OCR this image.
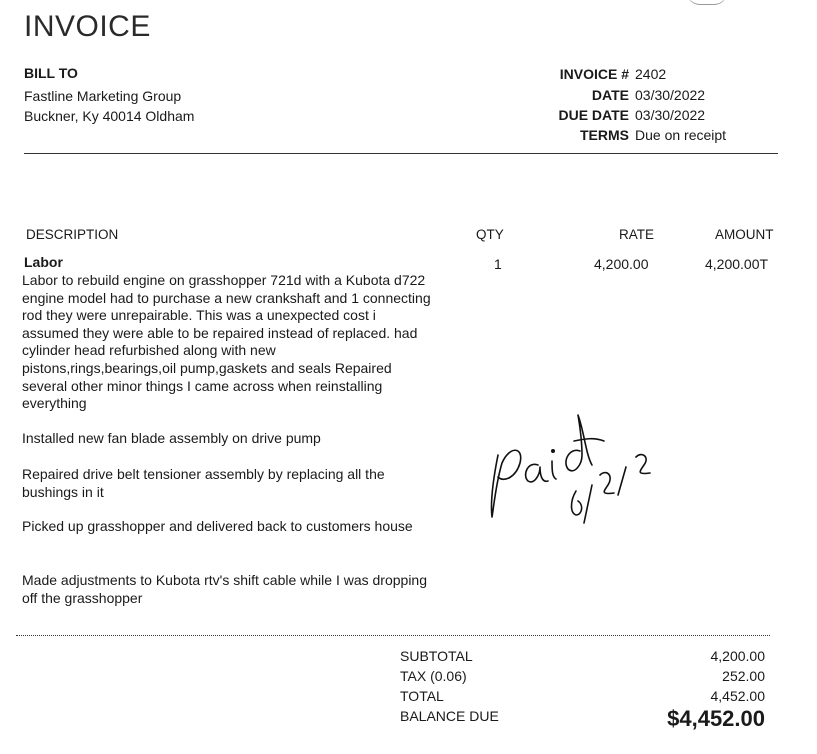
INVOICE
BILL TO
Fastline Marketing Group
Buckner, Ky 40014 Oldham
INVOICE # 2402
DATE 03/30/2022
DUE DATE 03/30/2022
TERMS Due on receipt
DESCRIPTION	QTY	RATE	AMOUNT
Labor	1	4,200.00	4,200.00T
Labor to rebuild engine on grasshopper 721d with a Kubota d722 engine model had to purchase a new crankshaft and 1 connecting rod they were unrepairable. This was a unexpected cost i assumed they were able to be repaired instead of replaced. had cylinder head refurbished along with new pistons,rings,bearings,oil pump,gaskets and seals Repaired several other minor things I came across when reinstalling everything
Installed new fan blade assembly on drive pump
Repaired drive belt tensioner assembly by replacing all the bushings in it
Picked up grasshopper and delivered back to customers house
Made adjustments to Kubota rtv's shift cable while I was dropping off the grasshopper
SUBTOTAL	4,200.00
TAX (0.06)	252.00
TOTAL	4,452.00
BALANCE DUE	$4,452.00
